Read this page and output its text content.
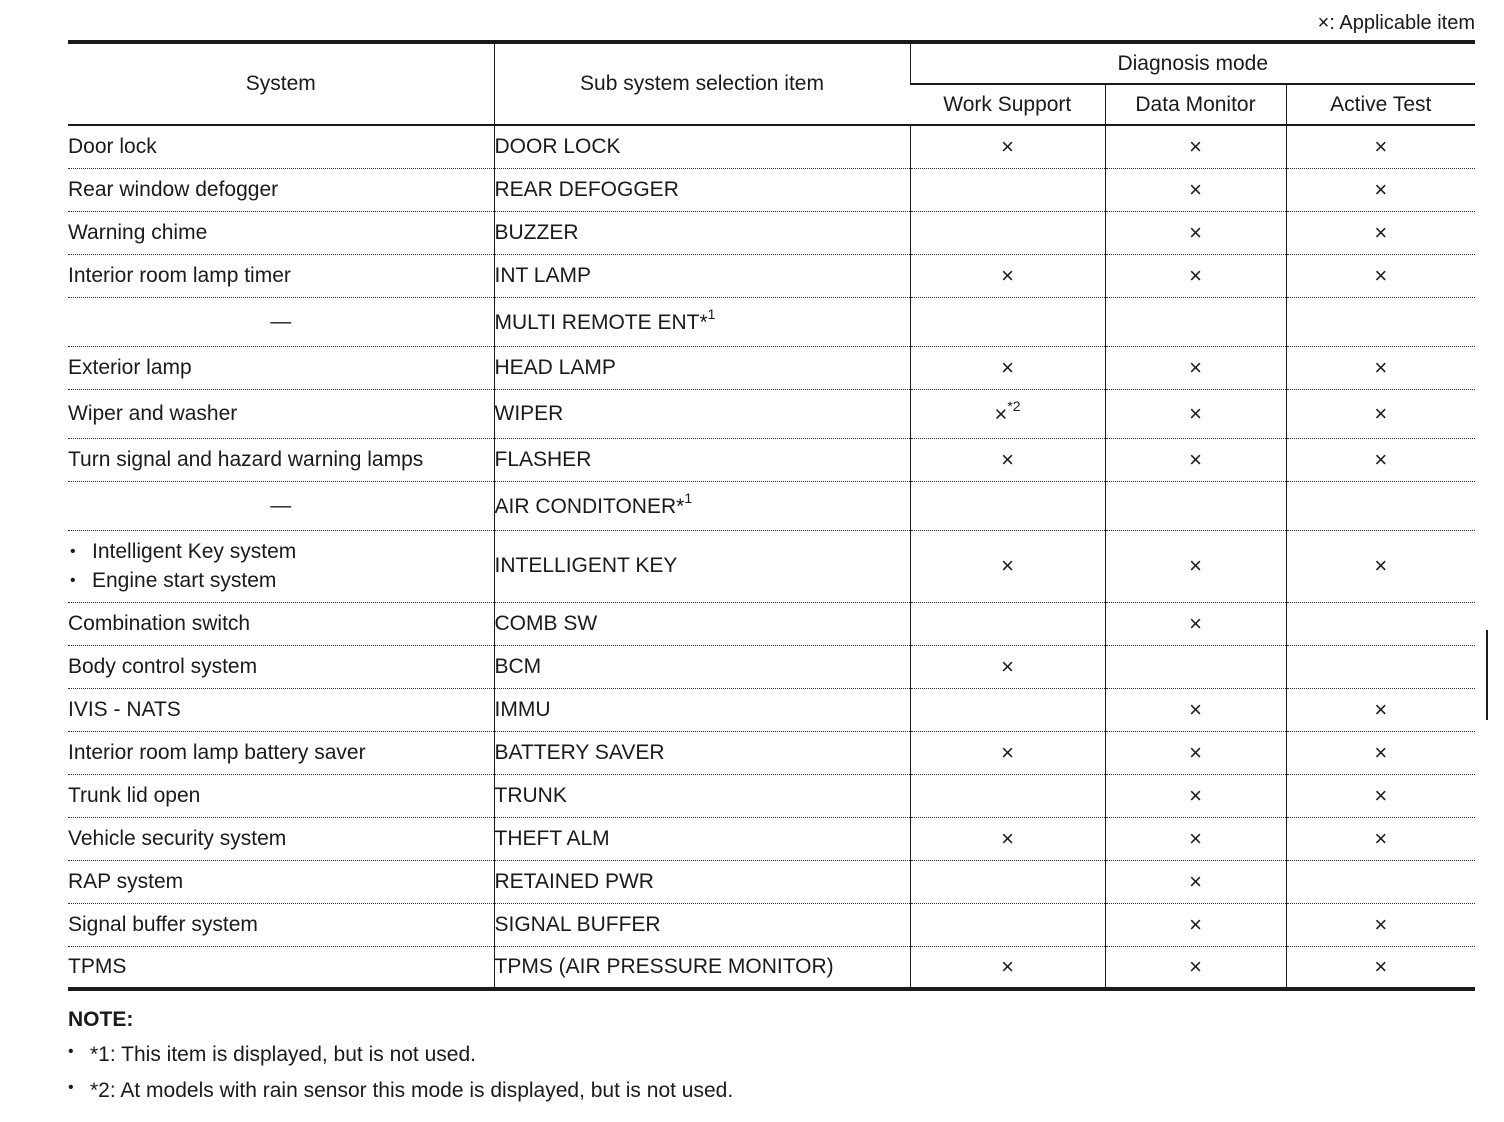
×: Applicable item
System	Sub system selection item	Diagnosis mode		
		Work Support	Data Monitor	Active Test
Door lock	DOOR LOCK	×	×	×
Rear window defogger	REAR DEFOGGER		×	×
Warning chime	BUZZER		×	×
Interior room lamp timer	INT LAMP	×	×	×
—	MULTI REMOTE ENT*$^1$			
Exterior lamp	HEAD LAMP	×	×	×
Wiper and washer	WIPER	×$^{*2}$	×	×
Turn signal and hazard warning lamps	FLASHER	×	×	×
—	AIR CONDITONER*$^1$			

• Intelligent Key system
• Engine start system	INTELLIGENT KEY	×	×	×
Combination switch	COMB SW		×	
Body control system	BCM	×		
IVIS - NATS	IMMU		×	×
Interior room lamp battery saver	BATTERY SAVER	×	×	×
Trunk lid open	TRUNK		×	×
Vehicle security system	THEFT ALM	×	×	×
RAP system	RETAINED PWR		×	
Signal buffer system	SIGNAL BUFFER		×	×
TPMS	TPMS (AIR PRESSURE MONITOR)	×	×	×
NOTE:
• *1: This item is displayed, but is not used.
• *2: At models with rain sensor this mode is displayed, but is not used.
